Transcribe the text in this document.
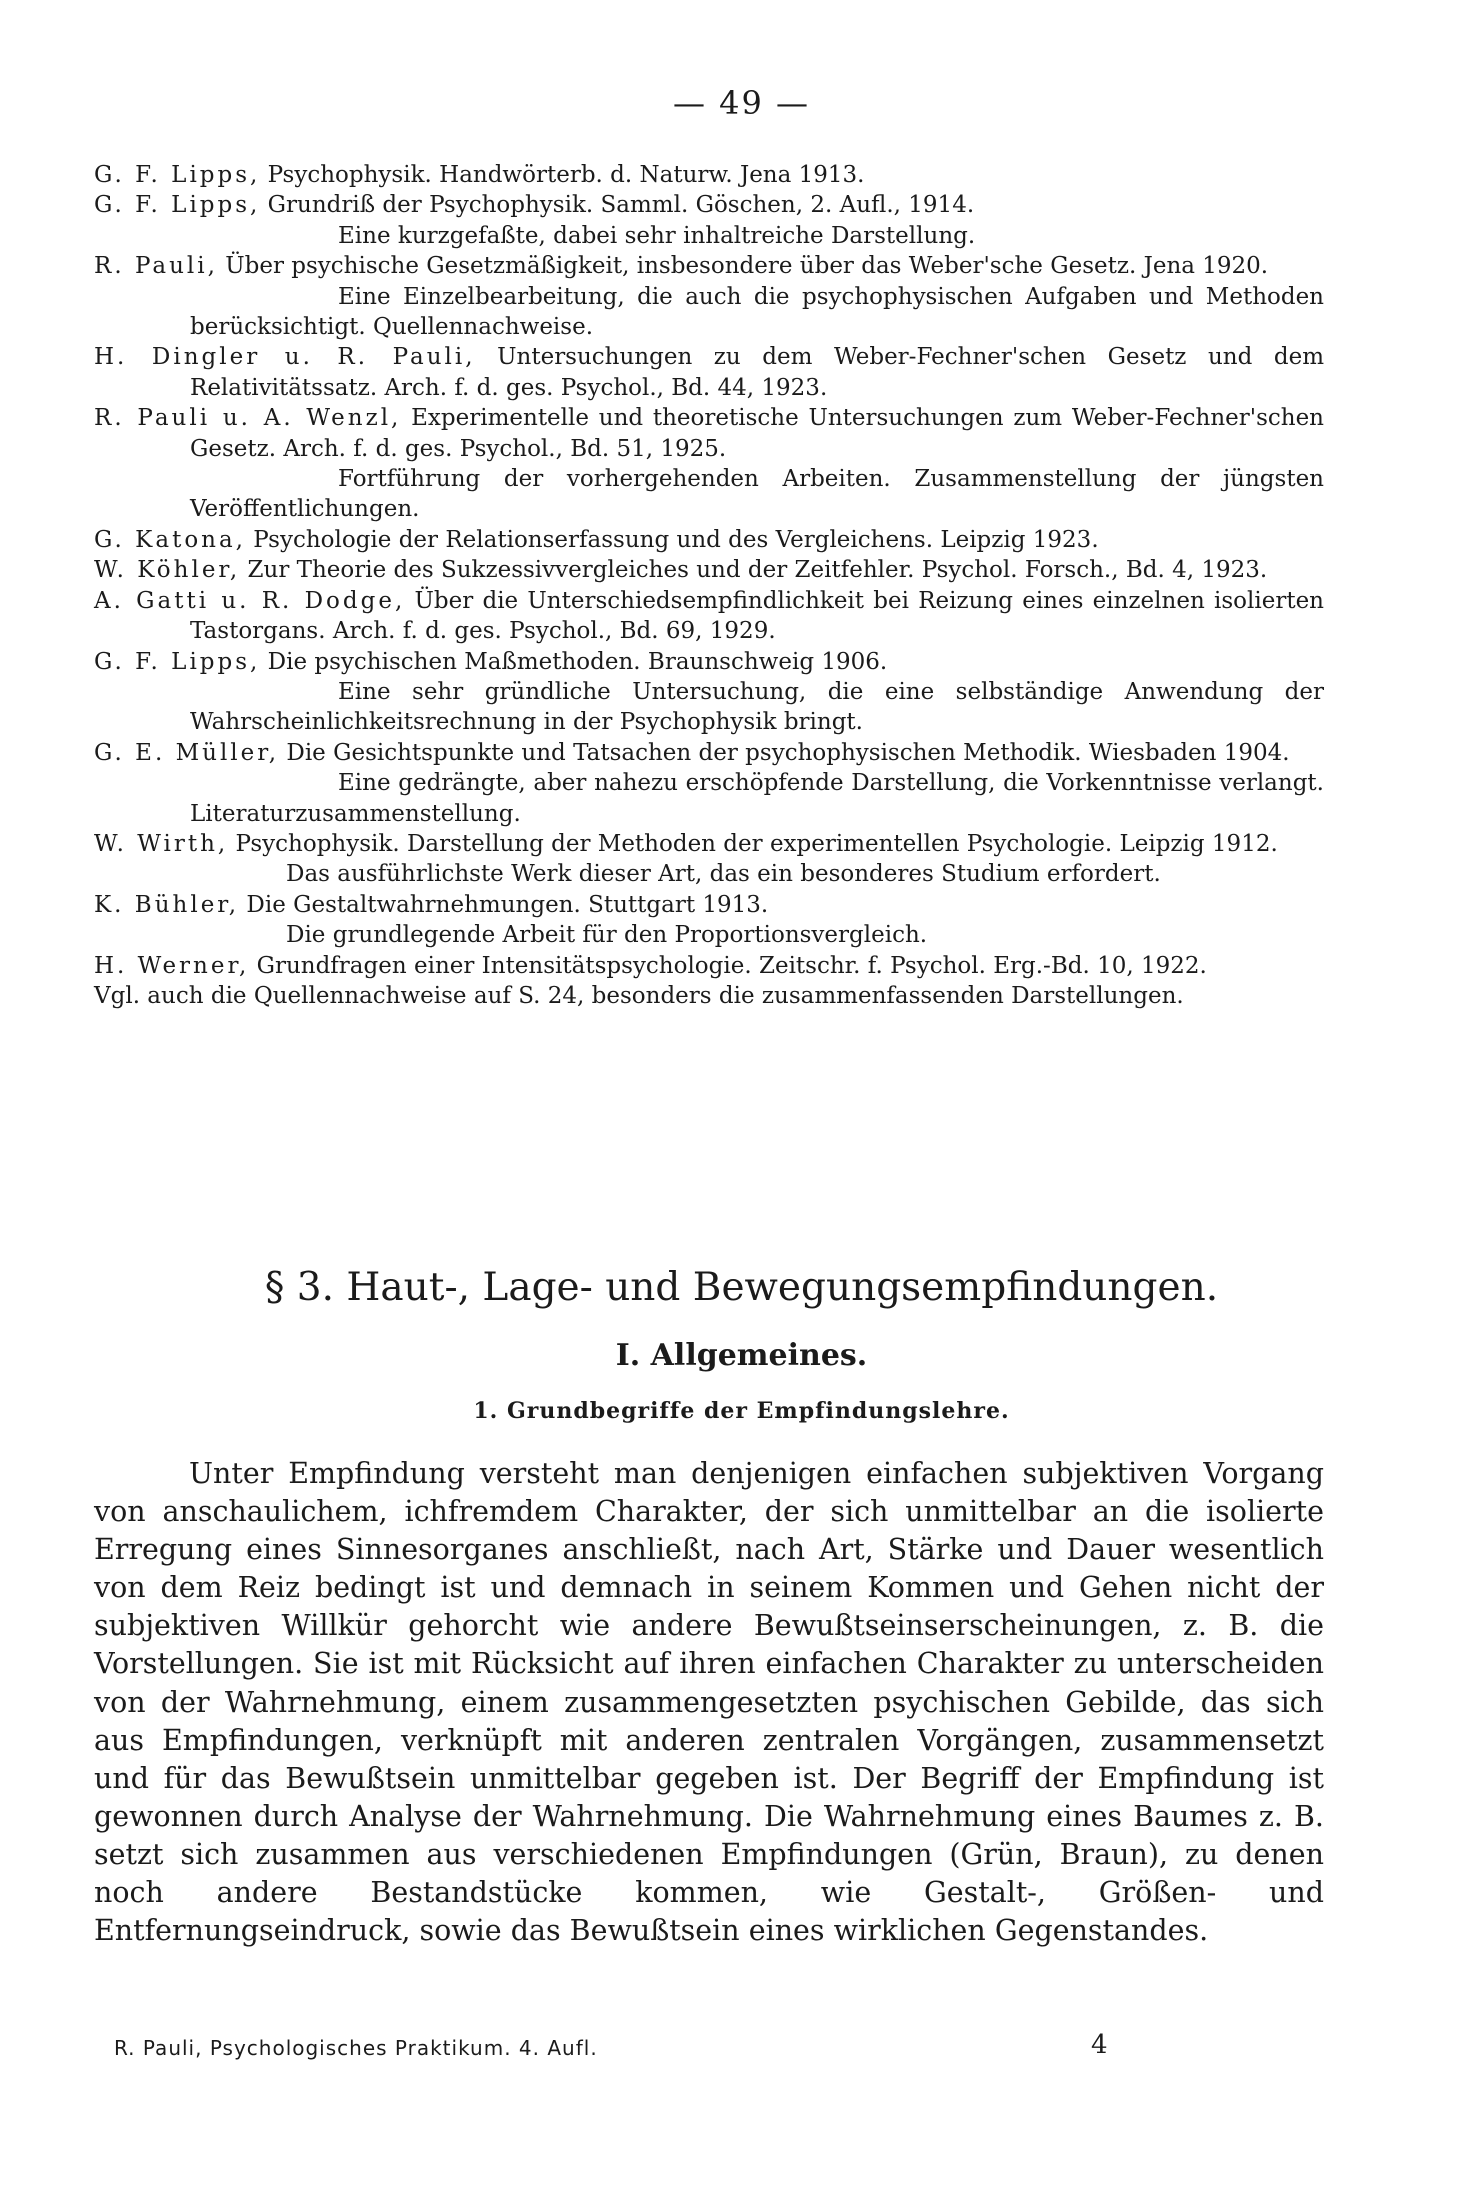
— 49 —

G. F. Lipps, Psychophysik. Handwörterb. d. Naturw. Jena 1913.

G. F. Lipps, Grundriß der Psychophysik. Samml. Göschen, 2. Aufl., 1914.

Eine kurzgefaßte, dabei sehr inhaltreiche Darstellung.

R. Pauli, Über psychische Gesetzmäßigkeit, insbesondere über das Weber'sche Gesetz. Jena 1920.

Eine Einzelbearbeitung, die auch die psychophysischen Aufgaben und Methoden berücksichtigt. Quellennachweise.

H. Dingler u. R. Pauli, Untersuchungen zu dem Weber-Fechner'schen Gesetz und dem Relativitätssatz. Arch. f. d. ges. Psychol., Bd. 44, 1923.

R. Pauli u. A. Wenzl, Experimentelle und theoretische Untersuchungen zum Weber-Fechner'schen Gesetz. Arch. f. d. ges. Psychol., Bd. 51, 1925.

Fortführung der vorhergehenden Arbeiten. Zusammenstellung der jüngsten Veröffentlichungen.

G. Katona, Psychologie der Relationserfassung und des Vergleichens. Leipzig 1923.

W. Köhler, Zur Theorie des Sukzessivvergleiches und der Zeitfehler. Psychol. Forsch., Bd. 4, 1923.

A. Gatti u. R. Dodge, Über die Unterschiedsempfindlichkeit bei Reizung eines einzelnen isolierten Tastorgans. Arch. f. d. ges. Psychol., Bd. 69, 1929.

G. F. Lipps, Die psychischen Maßmethoden. Braunschweig 1906.

Eine sehr gründliche Untersuchung, die eine selbständige Anwendung der Wahrscheinlichkeitsrechnung in der Psychophysik bringt.

G. E. Müller, Die Gesichtspunkte und Tatsachen der psychophysischen Methodik. Wiesbaden 1904.

Eine gedrängte, aber nahezu erschöpfende Darstellung, die Vorkenntnisse verlangt. Literaturzusammenstellung.

W. Wirth, Psychophysik. Darstellung der Methoden der experimentellen Psychologie. Leipzig 1912.

Das ausführlichste Werk dieser Art, das ein besonderes Studium erfordert.

K. Bühler, Die Gestaltwahrnehmungen. Stuttgart 1913.

Die grundlegende Arbeit für den Proportionsvergleich.

H. Werner, Grundfragen einer Intensitätspsychologie. Zeitschr. f. Psychol. Erg.-Bd. 10, 1922.

Vgl. auch die Quellennachweise auf S. 24, besonders die zusammenfassenden Darstellungen.

§ 3. Haut-, Lage- und Bewegungsempfindungen.
I. Allgemeines.
1. Grundbegriffe der Empfindungslehre.
Unter Empfindung versteht man denjenigen einfachen subjektiven Vorgang von anschaulichem, ichfremdem Charakter, der sich unmittelbar an die isolierte Erregung eines Sinnesorganes anschließt, nach Art, Stärke und Dauer wesentlich von dem Reiz bedingt ist und demnach in seinem Kommen und Gehen nicht der subjektiven Willkür gehorcht wie andere Bewußtseinserscheinungen, z. B. die Vorstellungen. Sie ist mit Rücksicht auf ihren einfachen Charakter zu unterscheiden von der Wahrnehmung, einem zusammengesetzten psychischen Gebilde, das sich aus Empfindungen, verknüpft mit anderen zentralen Vorgängen, zusammensetzt und für das Bewußtsein unmittelbar gegeben ist. Der Begriff der Empfindung ist gewonnen durch Analyse der Wahrnehmung. Die Wahrnehmung eines Baumes z. B. setzt sich zusammen aus verschiedenen Empfindungen (Grün, Braun), zu denen noch andere Bestandstücke kommen, wie Gestalt-, Größen- und Entfernungseindruck, sowie das Bewußtsein eines wirklichen Gegenstandes.
R. Pauli, Psychologisches Praktikum. 4. Aufl.	4
